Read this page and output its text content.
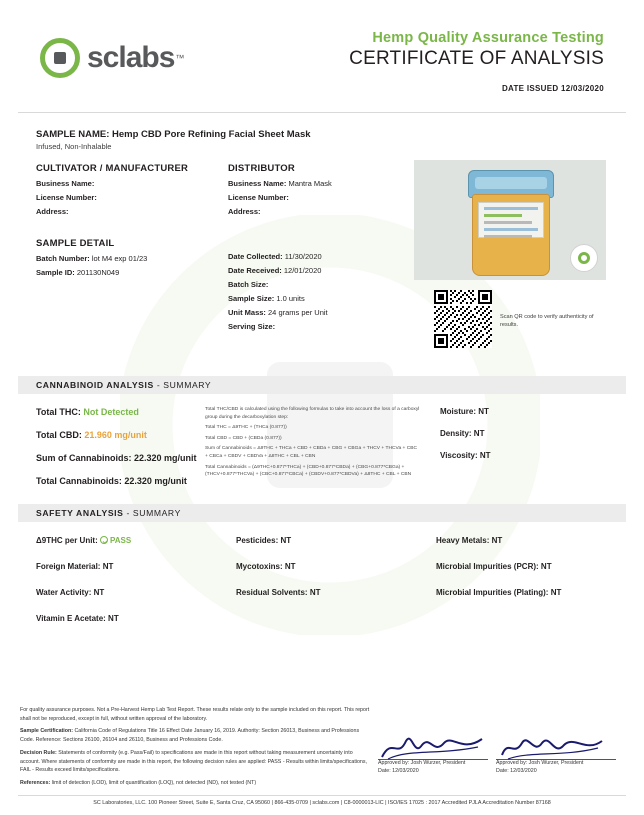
sclabs ™
Hemp Quality Assurance Testing
CERTIFICATE OF ANALYSIS
DATE ISSUED 12/03/2020
SAMPLE NAME: Hemp CBD Pore Refining Facial Sheet Mask
Infused, Non-Inhalable
CULTIVATOR / MANUFACTURER
Business Name:
License Number:
Address:
DISTRIBUTOR
Business Name: Mantra Mask
License Number:
Address:
SAMPLE DETAIL
Batch Number: lot M4 exp 01/23
Sample ID: 201130N049
Date Collected: 11/30/2020
Date Received: 12/01/2020
Batch Size:
Sample Size: 1.0 units
Unit Mass: 24 grams per Unit
Serving Size:
Scan QR code to verify authenticity of results.
CANNABINOID ANALYSIS - SUMMARY
Total THC: Not Detected
Total CBD: 21.960 mg/unit
Sum of Cannabinoids: 22.320 mg/unit
Total Cannabinoids: 22.320 mg/unit

Total THC/CBD is calculated using the following formulas to take into account the loss of a carboxyl group during the decarboxylation step:

Total THC = Δ9THC + (THCa (0.877))

Total CBD = CBD + (CBDa (0.877))

Sum of Cannabinoids = Δ9THC + THCa + CBD + CBDa + CBG + CBGa + THCV + THCVa + CBC + CBCa + CBDV + CBDVa + Δ8THC + CBL + CBN

Total Cannabinoids = (Δ9THC+0.877*THCa) + (CBD+0.877*CBDa) + (CBG+0.877*CBGa) + (THCV+0.877*THCVa) + (CBC+0.877*CBCa) + (CBDV+0.877*CBDVa) + Δ8THC + CBL + CBN

Moisture: NT
Density: NT
Viscosity: NT
SAFETY ANALYSIS - SUMMARY
Δ9THC per Unit: PASS
Foreign Material: NT
Water Activity: NT
Vitamin E Acetate: NT
Pesticides: NT
Mycotoxins: NT
Residual Solvents: NT
Heavy Metals: NT
Microbial Impurities (PCR): NT
Microbial Impurities (Plating): NT

For quality assurance purposes. Not a Pre-Harvest Hemp Lab Test Report. These results relate only to the sample included on this report. This report shall not be reproduced, except in full, without written approval of the laboratory.

Sample Certification: California Code of Regulations Title 16 Effect Date January 16, 2019. Authority: Section 26013, Business and Professions Code. Reference: Sections 26100, 26104 and 26110, Business and Professions Code.

Decision Rule: Statements of conformity (e.g. Pass/Fail) to specifications are made in this report without taking measurement uncertainty into account. Where statements of conformity are made in this report, the following decision rules are applied: PASS - Results within limits/specifications, FAIL - Results exceed limits/specifications.

References: limit of detection (LOD), limit of quantification (LOQ), not detected (ND), not tested (NT)

Approved by: Josh Wurzer, President
Date: 12/03/2020
Approved by: Josh Wurzer, President
Date: 12/03/2020
SC Laboratories, LLC. 100 Pioneer Street, Suite E, Santa Cruz, CA 95060 | 866-435-0709 | sclabs.com | C8-0000013-LIC | ISO/IES 17025 : 2017 Accredited PJLA Accreditation Number 87168
